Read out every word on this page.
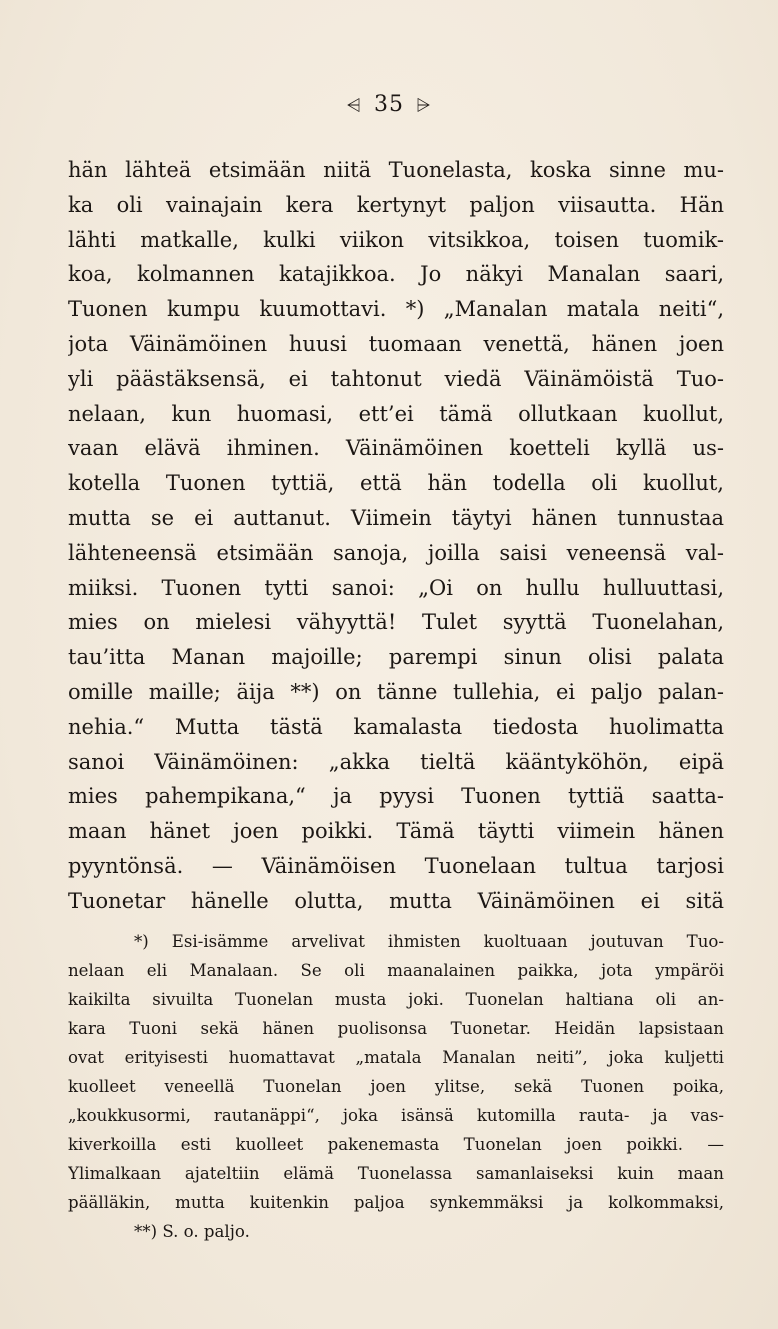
⩤ 35 ⩥
hän lähteä etsimään niitä Tuonelasta, koska sinne mu-
ka oli vainajain kera kertynyt paljon viisautta. Hän
lähti matkalle, kulki viikon vitsikkoa, toisen tuomik-
koa, kolmannen katajikkoa. Jo näkyi Manalan saari,
Tuonen kumpu kuumottavi. *) „Manalan matala neiti“,
jota Väinämöinen huusi tuomaan venettä, hänen joen
yli päästäksensä, ei tahtonut viedä Väinämöistä Tuo-
nelaan, kun huomasi, ett’ei tämä ollutkaan kuollut,
vaan elävä ihminen. Väinämöinen koetteli kyllä us-
kotella Tuonen tyttiä, että hän todella oli kuollut,
mutta se ei auttanut. Viimein täytyi hänen tunnustaa
lähteneensä etsimään sanoja, joilla saisi veneensä val-
miiksi. Tuonen tytti sanoi: „Oi on hullu hulluuttasi,
mies on mielesi vähyyttä! Tulet syyttä Tuonelahan,
tau’itta Manan majoille; parempi sinun olisi palata
omille maille; äija **) on tänne tullehia, ei paljo palan-
nehia.“ Mutta tästä kamalasta tiedosta huolimatta
sanoi Väinämöinen: „akka tieltä kääntyköhön, eipä
mies pahempikana,“ ja pyysi Tuonen tyttiä saatta-
maan hänet joen poikki. Tämä täytti viimein hänen
pyyntönsä. — Väinämöisen Tuonelaan tultua tarjosi
Tuonetar hänelle olutta, mutta Väinämöinen ei sitä
*) Esi-isämme arvelivat ihmisten kuoltuaan joutuvan Tuo-
nelaan eli Manalaan. Se oli maanalainen paikka, jota ympäröi
kaikilta sivuilta Tuonelan musta joki. Tuonelan haltiana oli an-
kara Tuoni sekä hänen puolisonsa Tuonetar. Heidän lapsistaan
ovat erityisesti huomattavat „matala Manalan neiti”, joka kuljetti
kuolleet veneellä Tuonelan joen ylitse, sekä Tuonen poika,
„koukkusormi, rautanäppi“, joka isänsä kutomilla rauta- ja vas-
kiverkoilla esti kuolleet pakenemasta Tuonelan joen poikki. —
Ylimalkaan ajateltiin elämä Tuonelassa samanlaiseksi kuin maan
päälläkin, mutta kuitenkin paljoa synkemmäksi ja kolkommaksi,
**) S. o. paljo.
